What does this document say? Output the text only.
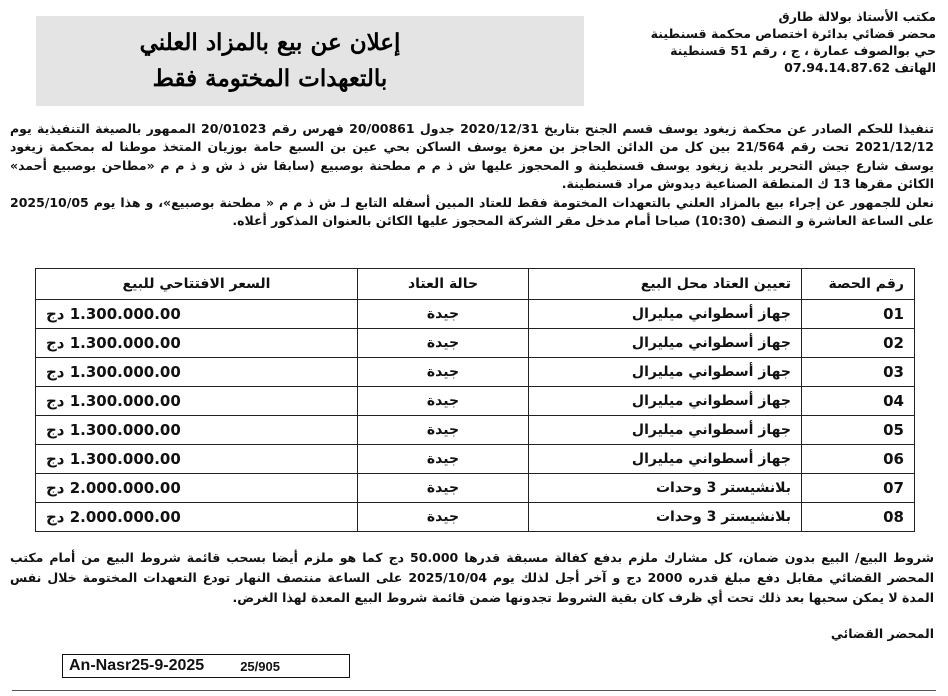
مكتب الأستاذ بولالة طارق
محضر قضائي بدائرة اختصاص محكمة قسنطينة
حي بوالصوف عمارة ، ج ، رقم 51 قسنطينة
الهاتف 07.94.14.87.62
إعلان عن بيع بالمزاد العلني
بالتعهدات المختومة فقط

تنفيذا للحكم الصادر عن محكمة زيغود يوسف قسم الجنح بتاريخ 2020/12/31 جدول 20/00861 فهرس رقم 20/01023 الممهور بالصيغة التنفيذية يوم 2021/12/12 تحت رقم 21/564 بين كل من الدائن الحاجز بن معزة يوسف الساكن بحي عين بن السبع حامة بوزيان المتخذ موطنا له بمحكمة زيغود يوسف شارع جيش التحرير بلدية زيغود يوسف قسنطينة و المحجوز عليها ش ذ م م مطحنة بوصبيع (سابقا ش ذ ش و ذ م م «مطاحن بوصبيع أحمد» الكائن مقرها 13 ك المنطقة الصناعية ديدوش مراد قسنطينة.

نعلن للجمهور عن إجراء بيع بالمزاد العلني بالتعهدات المختومة فقط للعتاد المبين أسفله التابع لـ ش ذ م م « مطحنة بوصبيع»، و هذا يوم 2025/10/05 على الساعة العاشرة و النصف (10:30) صباحا أمام مدخل مقر الشركة المحجوز عليها الكائن بالعنوان المذكور أعلاه.

رقم الحصة	تعيين العتاد محل البيع	حالة العتاد	السعر الافتتاحي للبيع
01	جهاز أسطواني ميليرال	جيدة	1.300.000.00 دج
02	جهاز أسطواني ميليرال	جيدة	1.300.000.00 دج
03	جهاز أسطواني ميليرال	جيدة	1.300.000.00 دج
04	جهاز أسطواني ميليرال	جيدة	1.300.000.00 دج
05	جهاز أسطواني ميليرال	جيدة	1.300.000.00 دج
06	جهاز أسطواني ميليرال	جيدة	1.300.000.00 دج
07	بلانشيستر 3 وحدات	جيدة	2.000.000.00 دج
08	بلانشيستر 3 وحدات	جيدة	2.000.000.00 دج

شروط البيع/ البيع بدون ضمان، كل مشارك ملزم بدفع كفالة مسبقة قدرها 50.000 دج كما هو ملزم أيضا بسحب قائمة شروط البيع من أمام مكتب المحضر القضائي مقابل دفع مبلغ قدره 2000 دج و آخر أجل لذلك يوم 2025/10/04 على الساعة منتصف النهار تودع التعهدات المختومة خلال نفس المدة لا يمكن سحبها بعد ذلك تحت أي ظرف كان بقية الشروط تجدونها ضمن قائمة شروط البيع المعدة لهذا الغرض.

المحضر القضائي
An-Nasr25-9-2025	25/905
